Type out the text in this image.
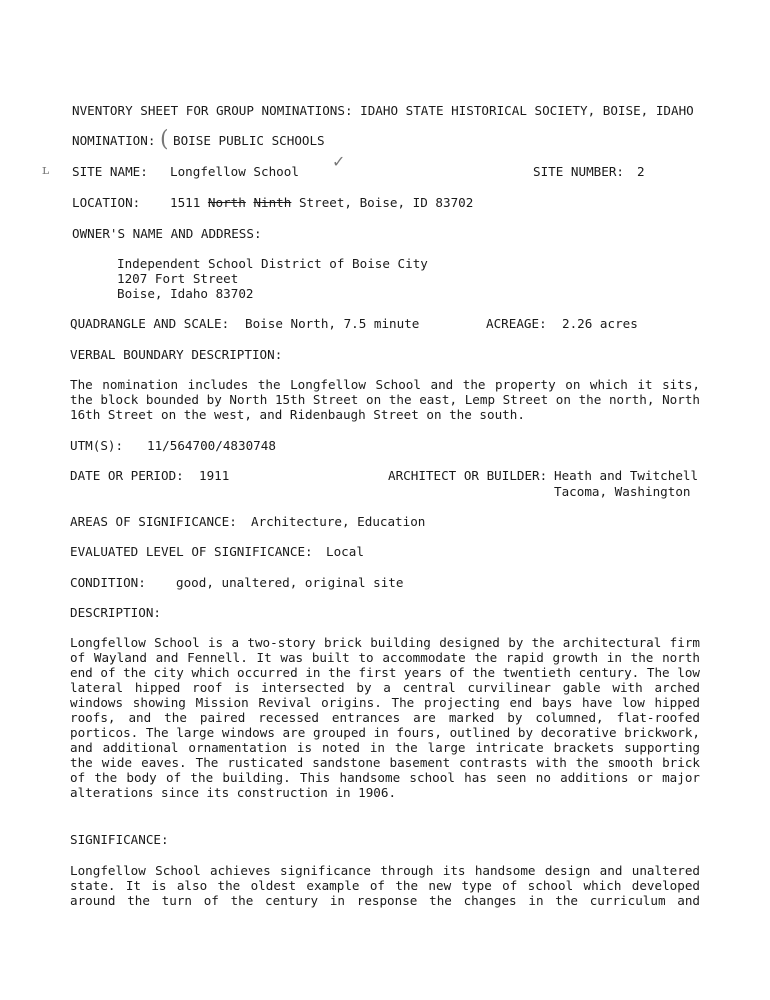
NVENTORY SHEET FOR GROUP NOMINATIONS: IDAHO STATE HISTORICAL SOCIETY, BOISE, IDAHO
NOMINATION: ( BOISE PUBLIC SCHOOLS
ʟ SITE NAME: Longfellow School
✓
SITE NUMBER: 2
LOCATION: 1511 North Ninth Street, Boise, ID 83702
OWNER'S NAME AND ADDRESS:
Independent School District of Boise City
1207 Fort Street
Boise, Idaho 83702
QUADRANGLE AND SCALE: Boise North, 7.5 minute	ACREAGE: 2.26 acres
VERBAL BOUNDARY DESCRIPTION:
The nomination includes the Longfellow School and the property on which it sits, the block bounded by North 15th Street on the east, Lemp Street on the north, North 16th Street on the west, and Ridenbaugh Street on the south.
UTM(S): 11/564700/4830748
DATE OR PERIOD: 1911	ARCHITECT OR BUILDER: Heath and Twitchell
Tacoma, Washington
AREAS OF SIGNIFICANCE: Architecture, Education
EVALUATED LEVEL OF SIGNIFICANCE: Local
CONDITION: good, unaltered, original site
DESCRIPTION:
Longfellow School is a two-story brick building designed by the architectural firm of Wayland and Fennell. It was built to accommodate the rapid growth in the north end of the city which occurred in the first years of the twentieth century. The low lateral hipped roof is intersected by a central curvilinear gable with arched windows showing Mission Revival origins. The projecting end bays have low hipped roofs, and the paired recessed entrances are marked by columned, flat-roofed porticos. The large windows are grouped in fours, outlined by decorative brickwork, and additional ornamentation is noted in the large intricate brackets supporting the wide eaves. The rusticated sandstone basement contrasts with the smooth brick of the body of the building. This handsome school has seen no additions or major alterations since its construction in 1906.
SIGNIFICANCE:
Longfellow School achieves significance through its handsome design and unaltered state. It is also the oldest example of the new type of school which developed around the turn of the century in response the changes in the curriculum and
